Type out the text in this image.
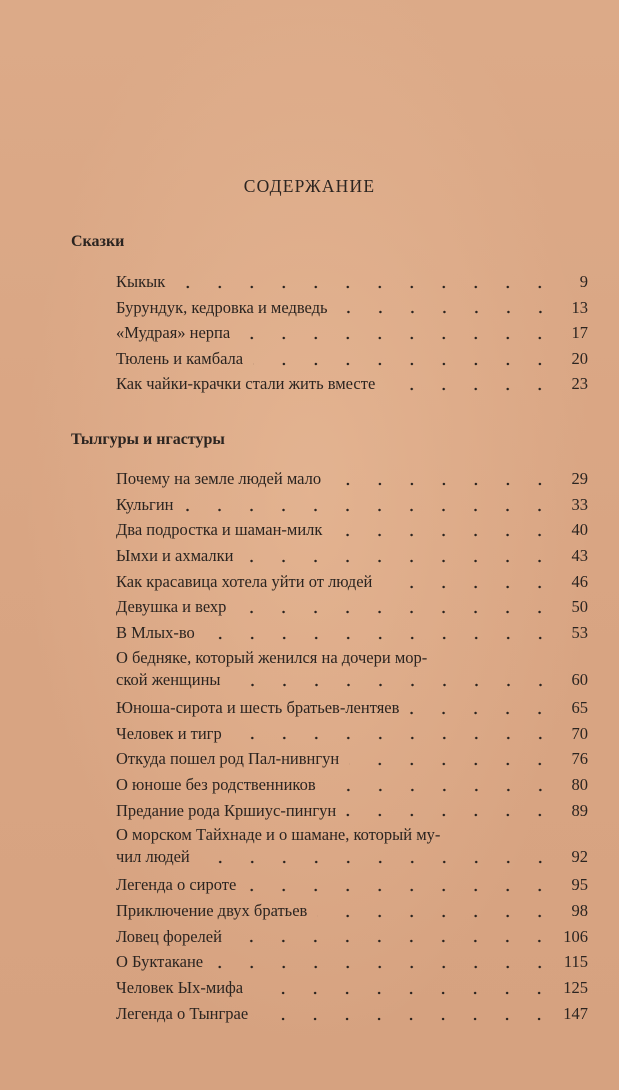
СОДЕРЖАНИЕ
Сказки
Кыкык	9
Бурундук, кедровка и медведь	13
«Мудрая» нерпа	17
Тюлень и камбала	20
Как чайки-крачки стали жить вместе	23
Тылгуры и нгастуры
Почему на земле людей мало	29
Кульгин	33
Два подростка и шаман-милк	40
Ымхи и ахмалки	43
Как красавица хотела уйти от людей	46
Девушка и вехр	50
В Млых-во	53
О бедняке, который женился на дочери мор-
ской женщины	60
Юноша-сирота и шесть братьев-лентяев	65
Человек и тигр	70
Откуда пошел род Пал-нивнгун	76
О юноше без родственников	80
Предание рода Кршиус-пингун	89
О морском Тайхнаде и о шамане, который му-
чил людей	92
Легенда о сироте	95
Приключение двух братьев	98
Ловец форелей	106
О Буктакане	115
Человек Ых-мифа	125
Легенда о Тынграе	147
